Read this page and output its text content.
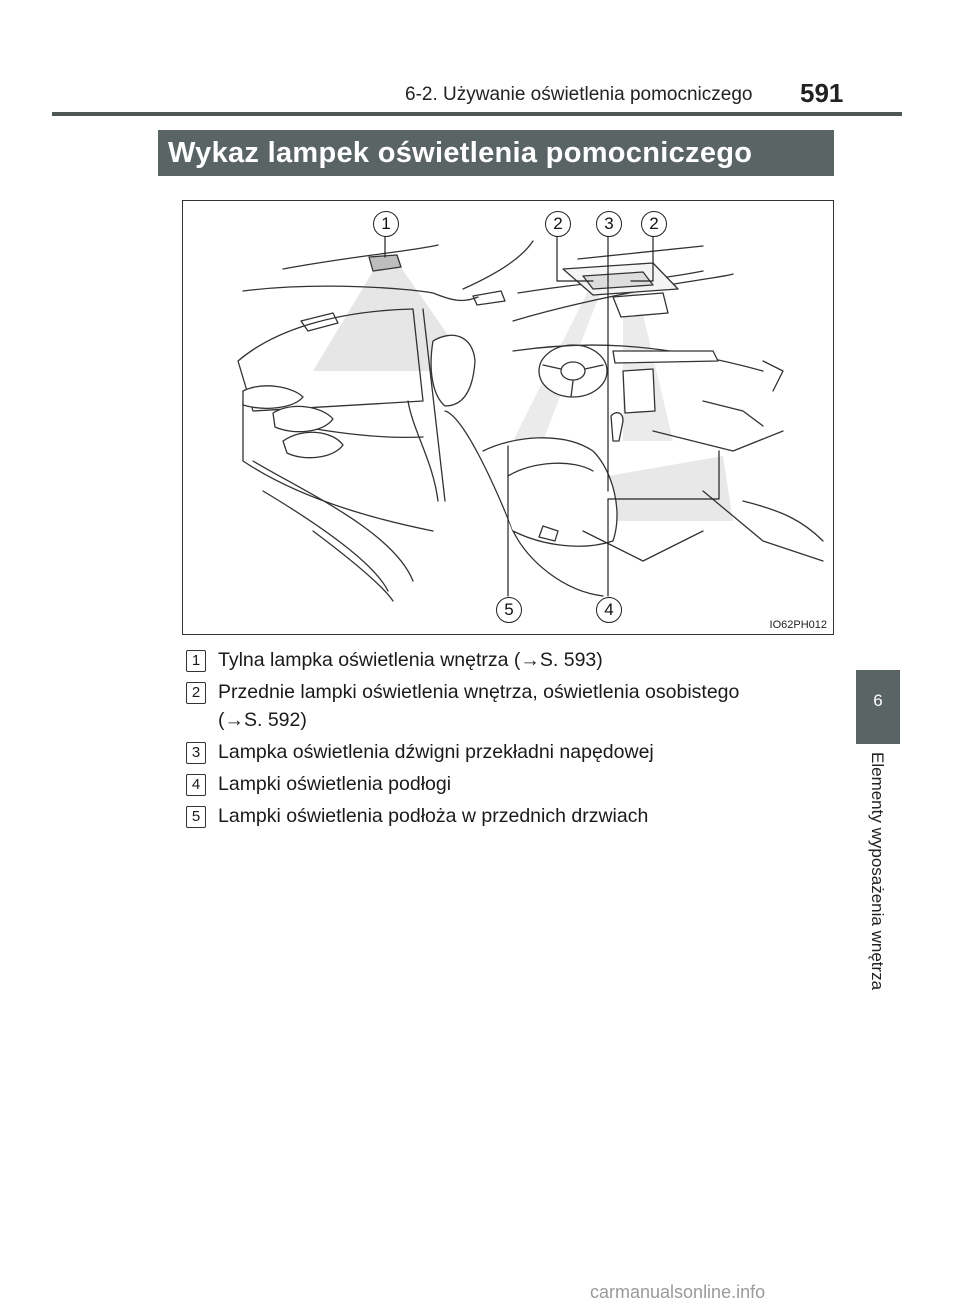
6-2. Używanie oświetlenia pomocniczego 591
Wykaz lampek oświetlenia pomocniczego
6
Elementy wyposażenia wnętrza
1	2	3	2
5	4
IO62PH012
1 Tylna lampka oświetlenia wnętrza (→S. 593)
2 Przednie lampki oświetlenia wnętrza, oświetlenia osobistego
(→S. 592)
3 Lampka oświetlenia dźwigni przekładni napędowej
4 Lampki oświetlenia podłogi
5 Lampki oświetlenia podłoża w przednich drzwiach
carmanualsonline.info
